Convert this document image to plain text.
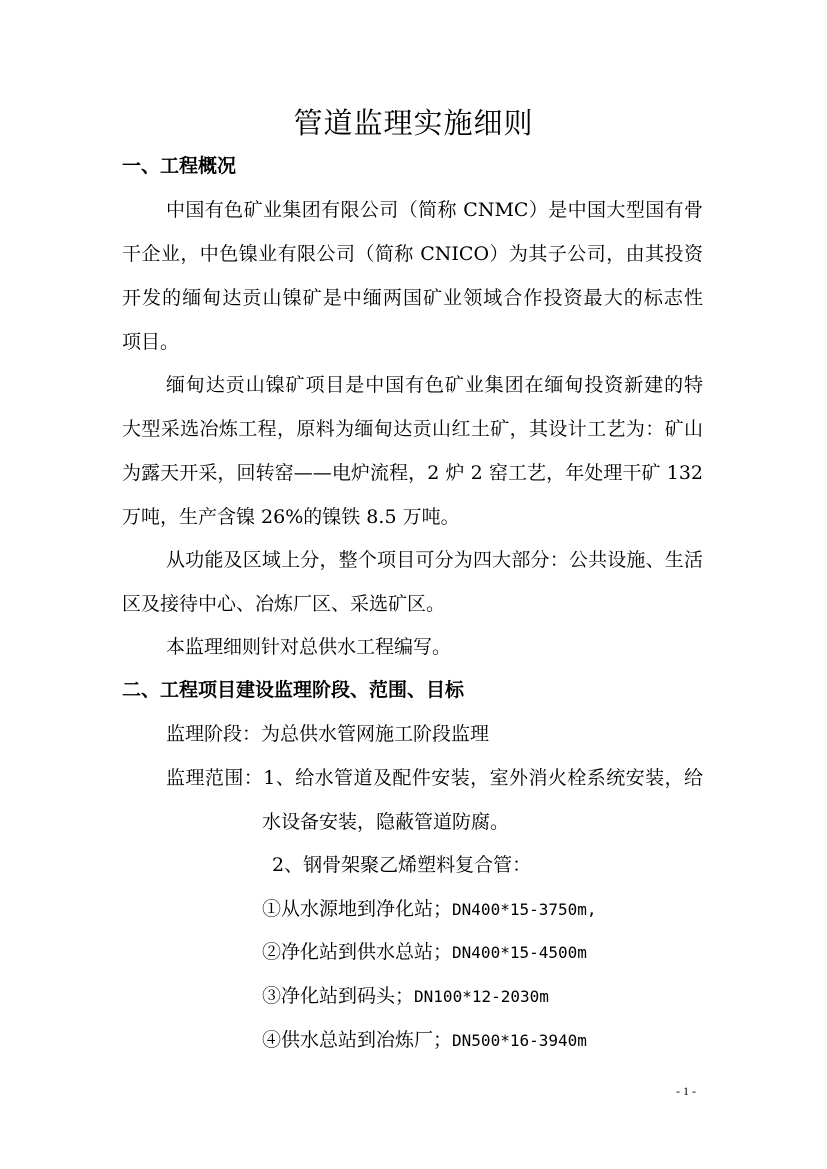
管道监理实施细则
一、工程概况
中国有色矿业集团有限公司（简称 CNMC）是中国大型国有骨
干企业，中色镍业有限公司（简称 CNICO）为其子公司，由其投资
开发的缅甸达贡山镍矿是中缅两国矿业领域合作投资最大的标志性
项目。
缅甸达贡山镍矿项目是中国有色矿业集团在缅甸投资新建的特
大型采选冶炼工程，原料为缅甸达贡山红土矿，其设计工艺为：矿山
为露天开采，回转窑——电炉流程，2 炉 2 窑工艺，年处理干矿 132
万吨，生产含镍 26%的镍铁 8.5 万吨。
从功能及区域上分，整个项目可分为四大部分：公共设施、生活
区及接待中心、冶炼厂区、采选矿区。
本监理细则针对总供水工程编写。
二、工程项目建设监理阶段、范围、目标
监理阶段：为总供水管网施工阶段监理
监理范围：1、给水管道及配件安装，室外消火栓系统安装，给
水设备安装，隐蔽管道防腐。
2、钢骨架聚乙烯塑料复合管：
①从水源地到净化站；DN400*15-3750m,
②净化站到供水总站；DN400*15-4500m
③净化站到码头；DN100*12-2030m
④供水总站到冶炼厂；DN500*16-3940m
- 1 -
